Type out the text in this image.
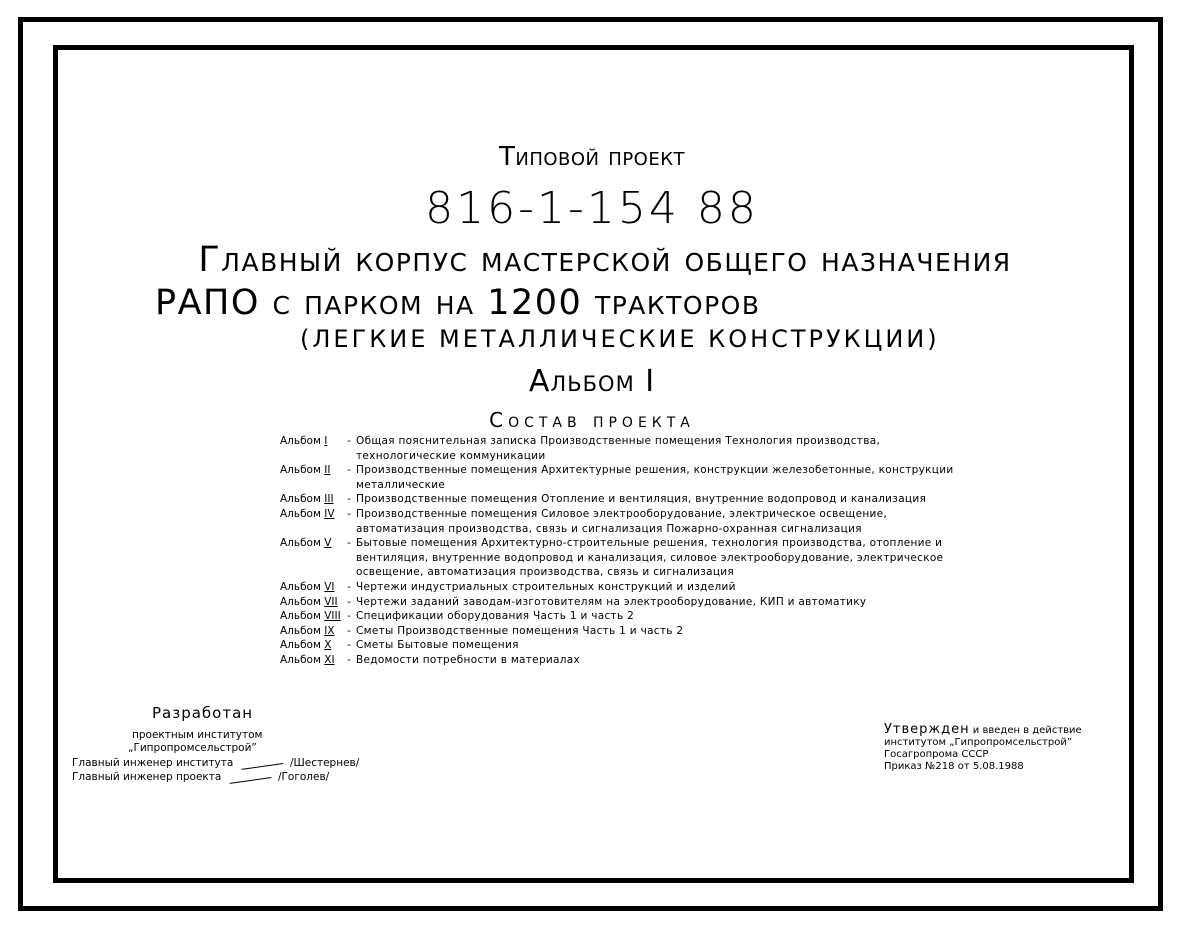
Типовой проект
816-1-154 88
Главный корпус мастерской общего назначения
РАПО с парком на 1200 тракторов
(ЛЕГКИЕ МЕТАЛЛИЧЕСКИЕ КОНСТРУКЦИИ)
Альбом I
Состав проекта
Альбом I	- Общая пояснительная записка Производственные помещения Технология производства, технологические коммуникации
Альбом II	- Производственные помещения Архитектурные решения, конструкции железобетонные, конструкции металлические
Альбом III	- Производственные помещения Отопление и вентиляция, внутренние водопровод и канализация
Альбом IV	- Производственные помещения Силовое электрооборудование, электрическое освещение, автоматизация производства, связь и сигнализация Пожарно-охранная сигнализация
Альбом V	- Бытовые помещения Архитектурно-строительные решения, технология производства, отопление и вентиляция, внутренние водопровод и канализация, силовое электрооборудование, электрическое освещение, автоматизация производства, связь и сигнализация
Альбом VI	- Чертежи индустриальных строительных конструкций и изделий
Альбом VII - Чертежи заданий заводам-изготовителям на электрооборудование, КИП и автоматику
Альбом VIII - Спецификации оборудования Часть 1 и часть 2
Альбом IX	- Сметы Производственные помещения Часть 1 и часть 2
Альбом X	- Сметы Бытовые помещения
Альбом XI	- Ведомости потребности в материалах
Разработан
проектным институтом
„Гипропромсельстрой”
Главный инженер института	/Шестернев/
Главный инженер проекта	/Гоголев/
Утвержден и введен в действие
институтом „Гипропромсельстрой”
Госагропрома СССР
Приказ №218 от 5.08.1988
